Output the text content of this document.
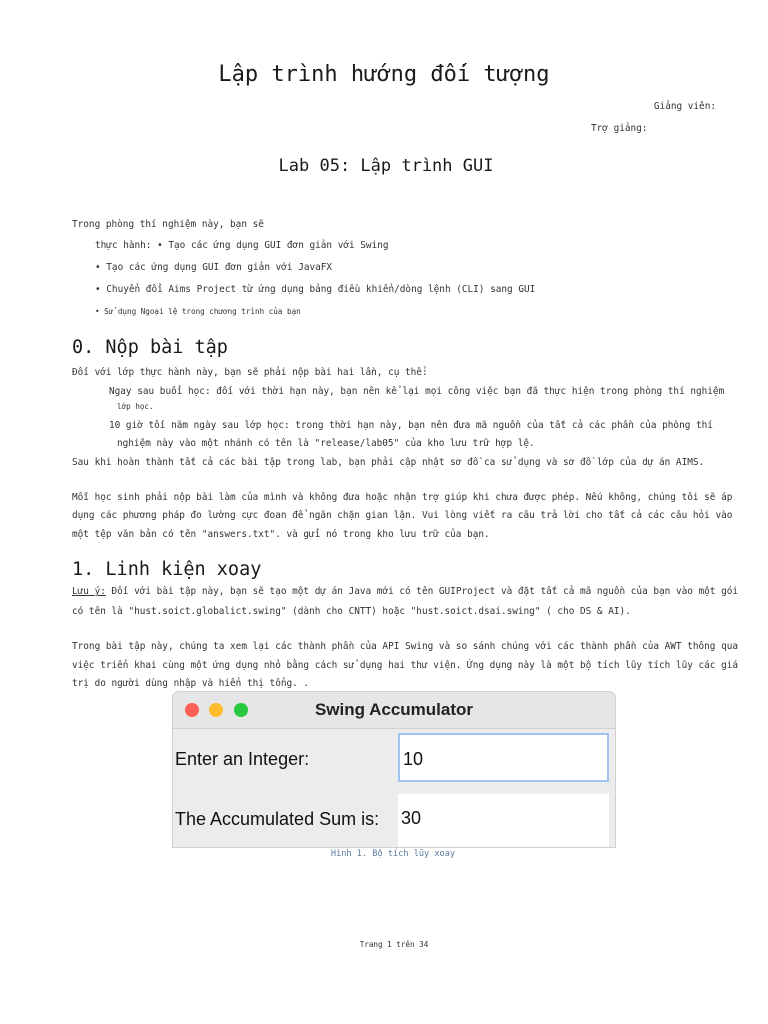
Lập trình hướng đối tượng
Giảng viên:
Trợ giảng:
Lab 05: Lập trình GUI
Trong phòng thí nghiệm này, bạn sẽ
thực hành: • Tạo các ứng dụng GUI đơn giản với Swing
• Tạo các ứng dụng GUI đơn giản với JavaFX
• Chuyển đổi Aims Project từ ứng dụng bảng điều khiển/dòng lệnh (CLI) sang GUI
• Sử dụng Ngoại lệ trong chương trình của bạn
0. Nộp bài tập
Đối với lớp thực hành này, bạn sẽ phải nộp bài hai lần, cụ thể:
Ngay sau buổi học: đối với thời hạn này, bạn nên kể lại mọi công việc bạn đã thực hiện trong phòng thí nghiệm
lớp học.
10 giờ tối năm ngày sau lớp học: trong thời hạn này, bạn nên đưa mã nguồn của tất cả các phần của phòng thí
nghiệm này vào một nhánh có tên là "release/lab05" của kho lưu trữ hợp lệ.
Sau khi hoàn thành tất cả các bài tập trong lab, bạn phải cập nhật sơ đồ ca sử dụng và sơ đồ lớp của dự án AIMS.
Mỗi học sinh phải nộp bài làm của mình và không đưa hoặc nhận trợ giúp khi chưa được phép. Nếu không, chúng tôi sẽ áp
dụng các phương pháp đo lường cực đoan để ngăn chặn gian lận. Vui lòng viết ra câu trả lời cho tất cả các câu hỏi vào
một tệp văn bản có tên "answers.txt". và gửi nó trong kho lưu trữ của bạn.
1. Linh kiện xoay
Lưu ý: Đối với bài tập này, bạn sẽ tạo một dự án Java mới có tên GUIProject và đặt tất cả mã nguồn của bạn vào một gói
có tên là "hust.soict.globalict.swing" (dành cho CNTT) hoặc "hust.soict.dsai.swing" ( cho DS & AI).
Trong bài tập này, chúng ta xem lại các thành phần của API Swing và so sánh chúng với các thành phần của AWT thông qua
việc triển khai cùng một ứng dụng nhỏ bằng cách sử dụng hai thư viện. Ứng dụng này là một bộ tích lũy tích lũy các giá
trị do người dùng nhập và hiển thị tổng. .
Swing Accumulator
Enter an Integer:	10
The Accumulated Sum is: 30
Hình 1. Bộ tích lũy xoay
Trang 1 trên 34
